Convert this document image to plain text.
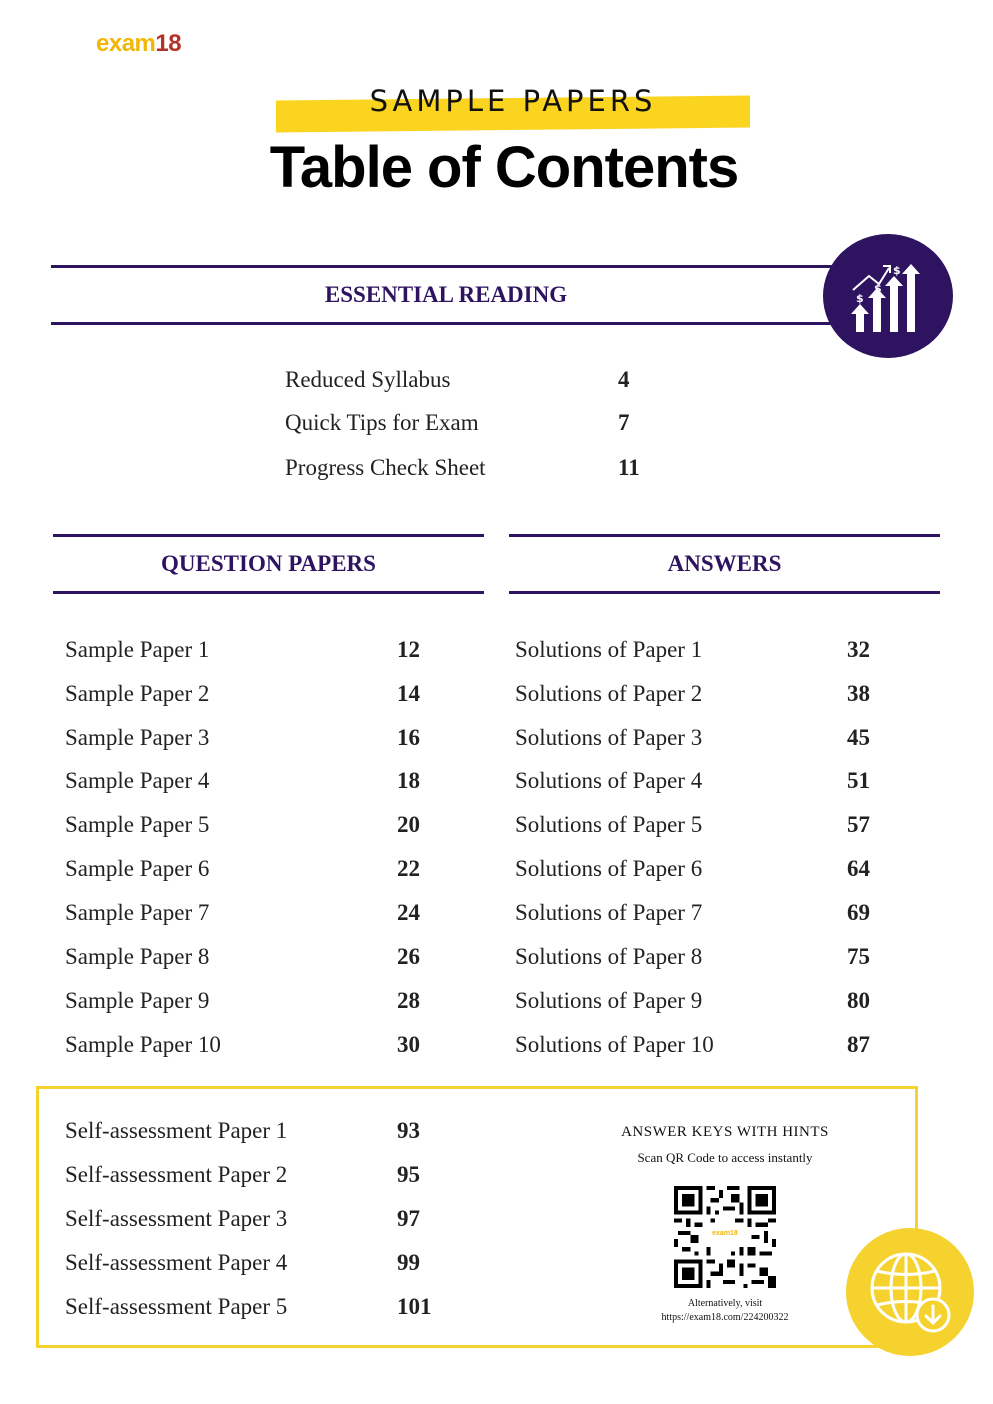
exam18
SAMPLE PAPERS
Table of Contents
ESSENTIAL READING	$
$
$
Reduced Syllabus	4
Quick Tips for Exam	7
Progress Check Sheet	11
QUESTION PAPERS	ANSWERS
Sample Paper 1	12
Sample Paper 2	14
Sample Paper 3	16
Sample Paper 4	18
Sample Paper 5	20
Sample Paper 6	22
Sample Paper 7	24
Sample Paper 8	26
Sample Paper 9	28
Sample Paper 10	30
Solutions of Paper 1	32
Solutions of Paper 2	38
Solutions of Paper 3	45
Solutions of Paper 4	51
Solutions of Paper 5	57
Solutions of Paper 6	64
Solutions of Paper 7	69
Solutions of Paper 8	75
Solutions of Paper 9	80
Solutions of Paper 10	87
Self-assessment Paper 1	93
Self-assessment Paper 2	95
Self-assessment Paper 3	97
Self-assessment Paper 4	99
Self-assessment Paper 5	101
ANSWER KEYS WITH HINTS
Scan QR Code to access instantly
exam18
Alternatively, visit
https://exam18.com/224200322
